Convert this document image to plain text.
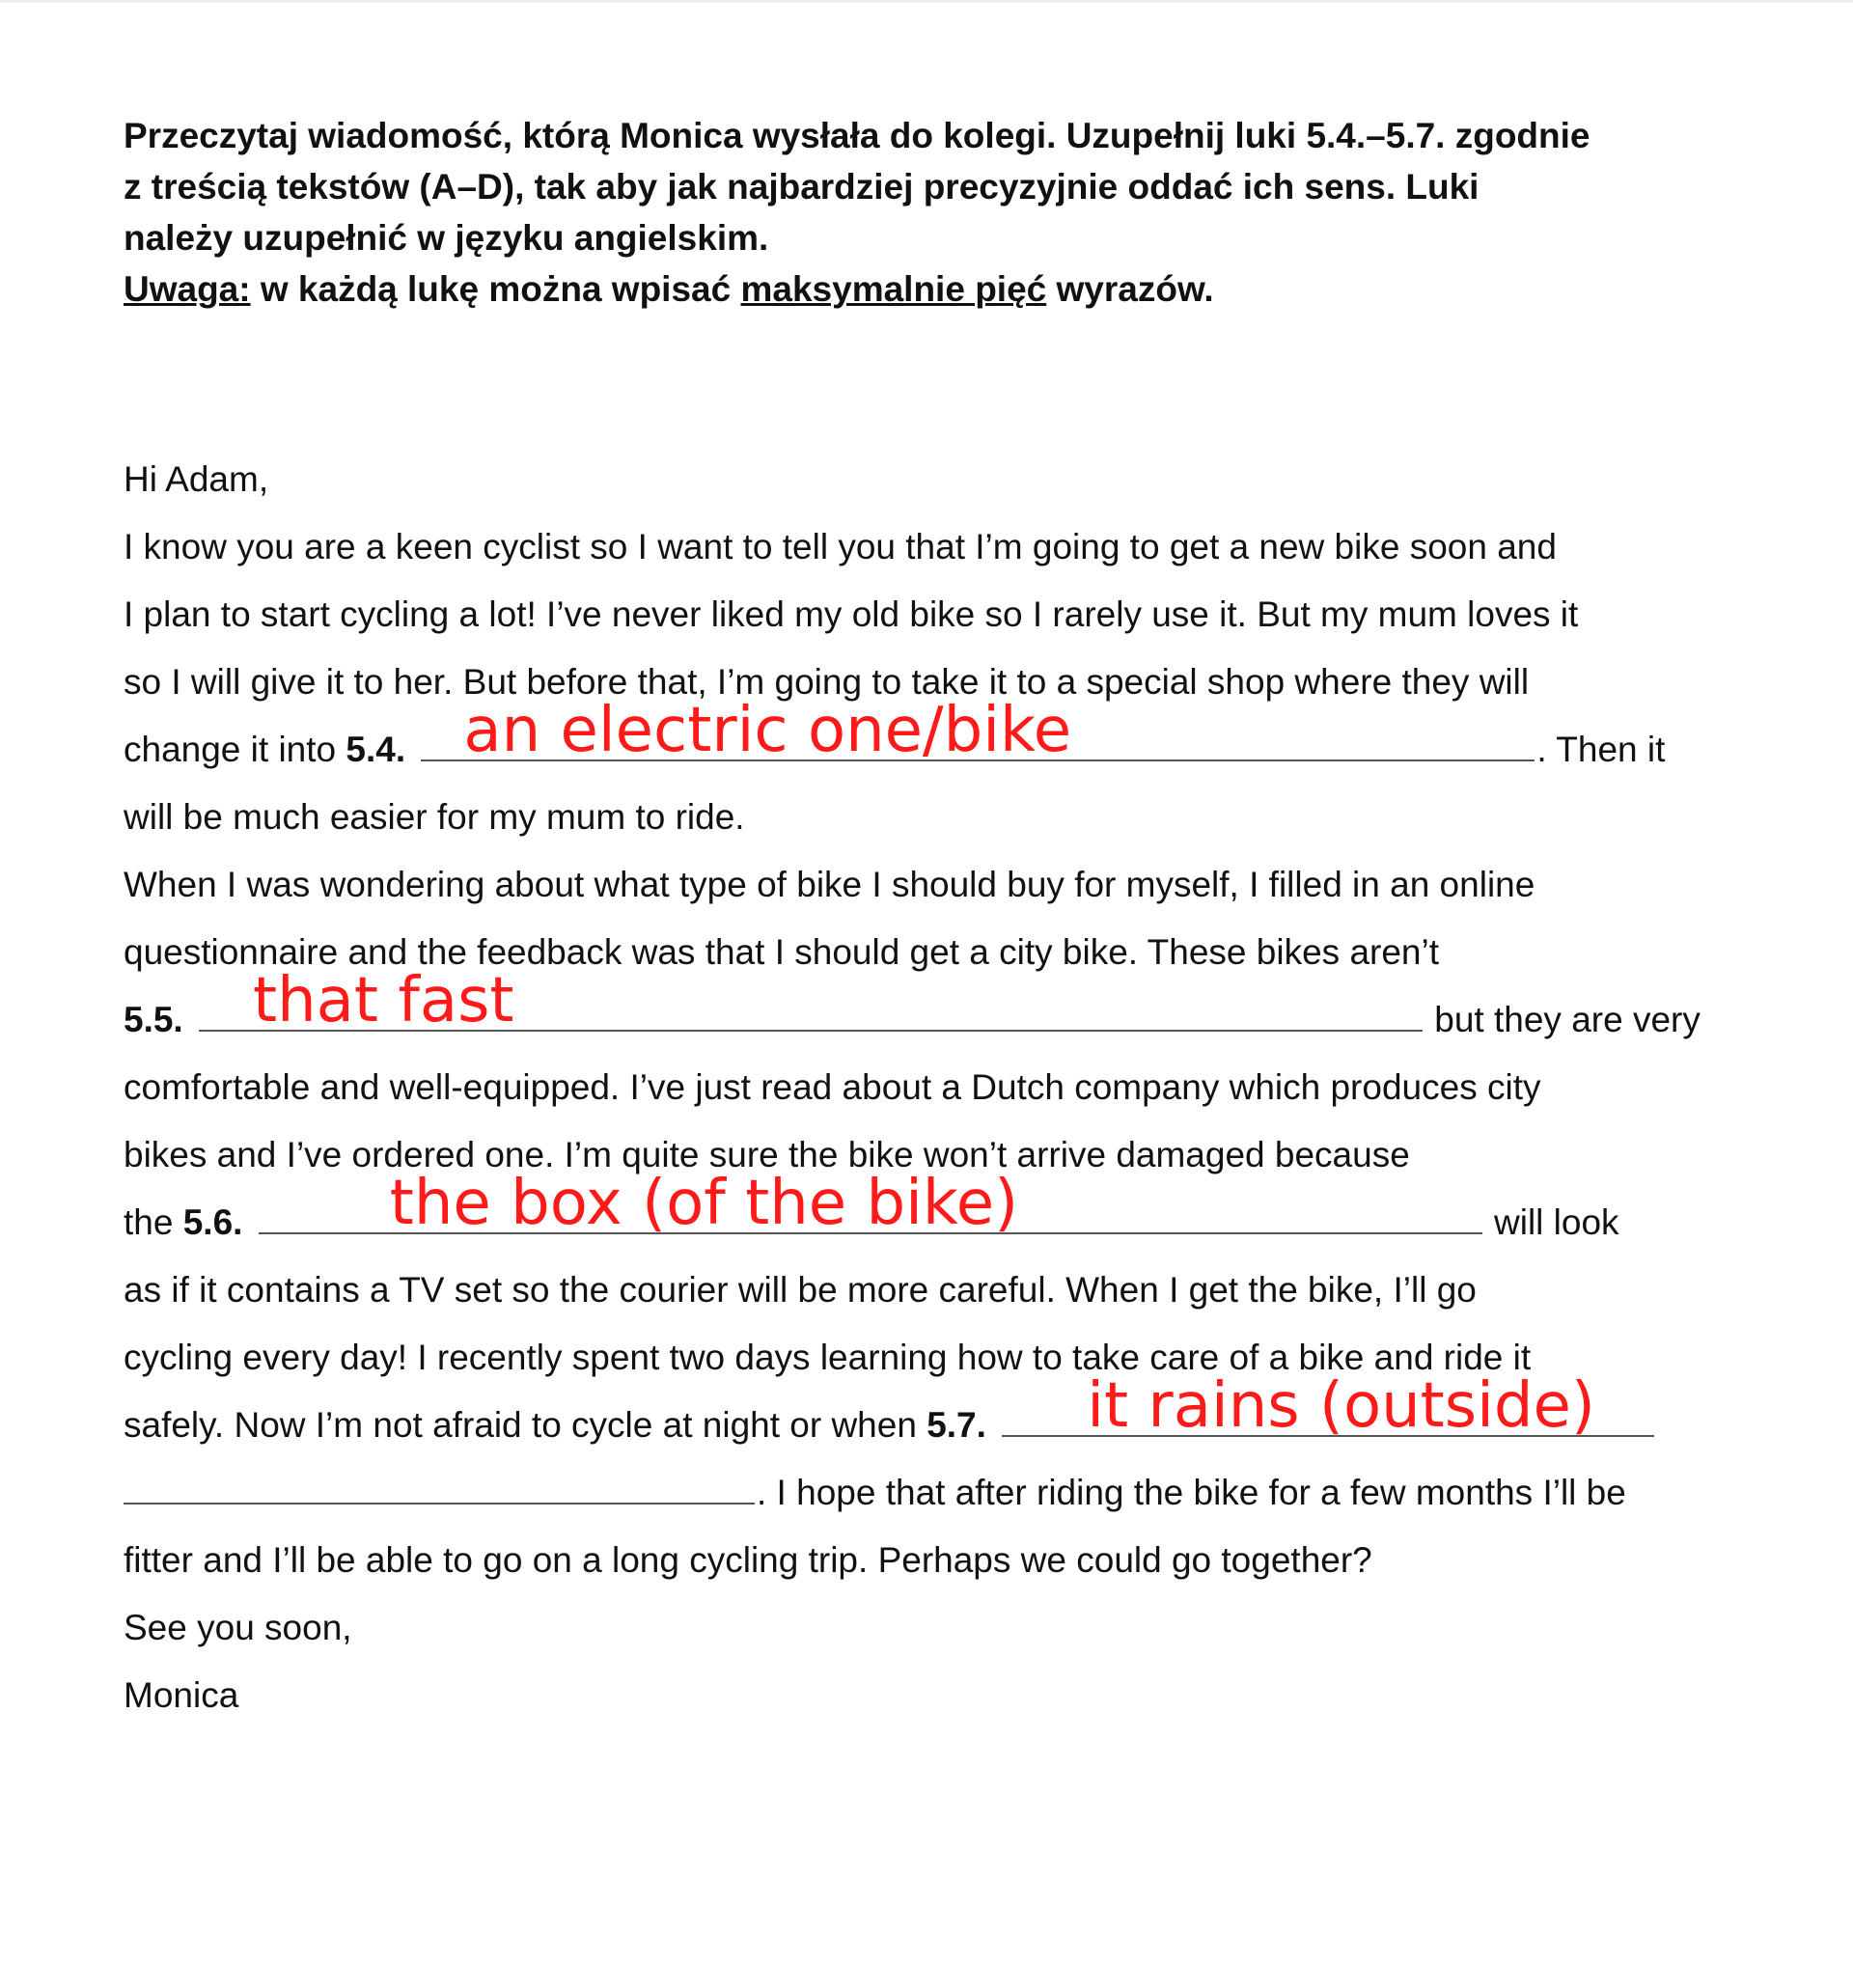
Przeczytaj wiadomość, którą Monica wysłała do kolegi. Uzupełnij luki 5.4.–5.7. zgodnie
z treścią tekstów (A–D), tak aby jak najbardziej precyzyjnie oddać ich sens. Luki
należy uzupełnić w języku angielskim.
Uwaga: w każdą lukę można wpisać maksymalnie pięć wyrazów.
Hi Adam,
I know you are a keen cyclist so I want to tell you that I’m going to get a new bike soon and
I plan to start cycling a lot! I’ve never liked my old bike so I rarely use it. But my mum loves it
so I will give it to her. But before that, I’m going to take it to a special shop where they will
change it into 5.4. an electric one/bike	. Then it
will be much easier for my mum to ride.
When I was wondering about what type of bike I should buy for myself, I filled in an online
questionnaire and the feedback was that I should get a city bike. These bikes aren’t
5.5. that fast	but they are very
comfortable and well-equipped. I’ve just read about a Dutch company which produces city
bikes and I’ve ordered one. I’m quite sure the bike won’t arrive damaged because
the 5.6. the box (of the bike)	will look
as if it contains a TV set so the courier will be more careful. When I get the bike, I’ll go
cycling every day! I recently spent two days learning how to take care of a bike and ride it
safely. Now I’m not afraid to cycle at night or when 5.7. it rains (outside)
. I hope that after riding the bike for a few months I’ll be
fitter and I’ll be able to go on a long cycling trip. Perhaps we could go together?
See you soon,
Monica
